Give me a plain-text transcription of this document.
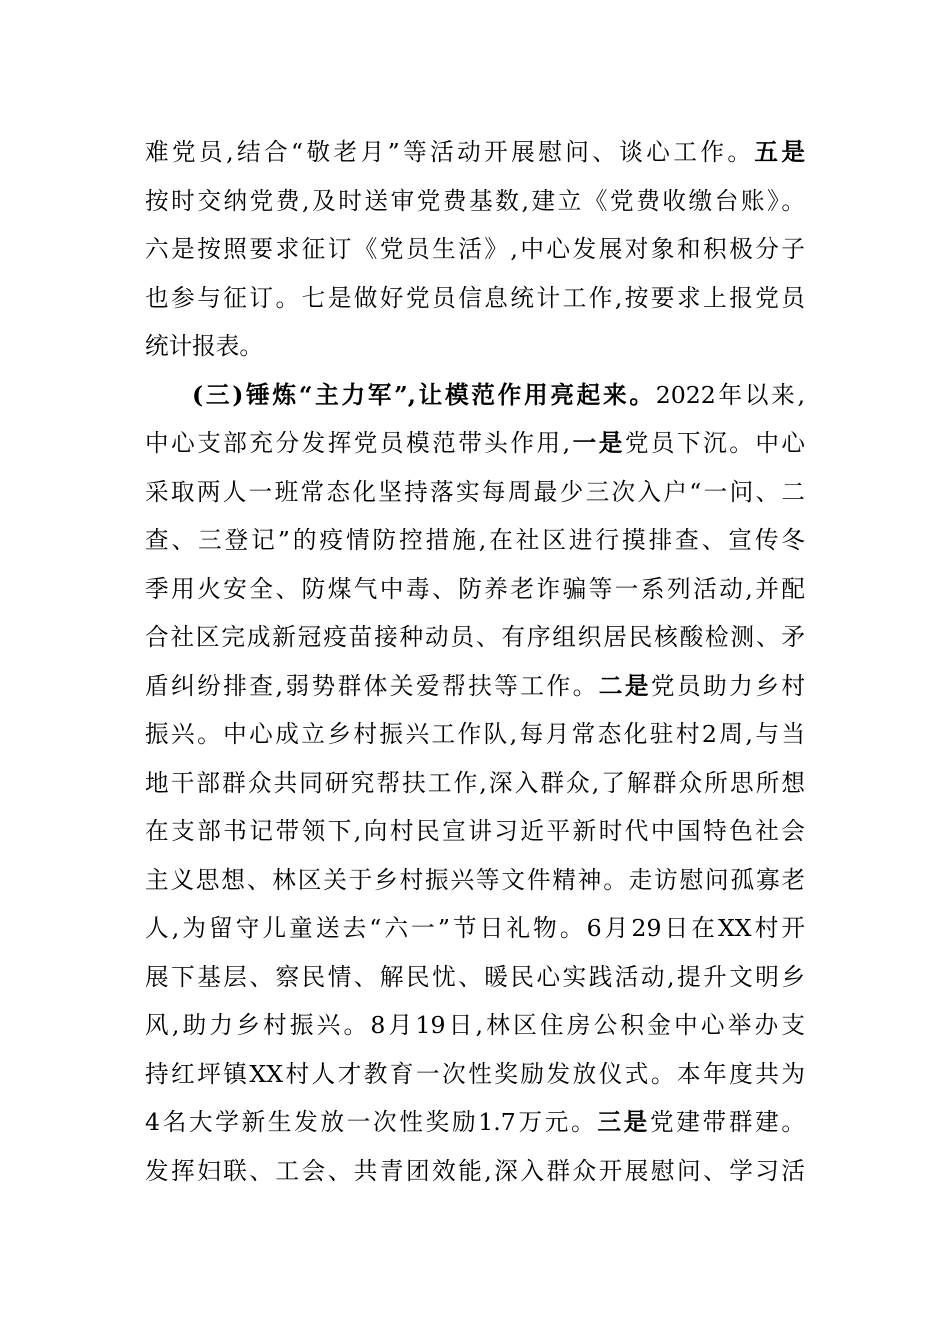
难党员,结合“敬老月”等活动开展慰问、谈心工作。五是
按时交纳党费,及时送审党费基数,建立《党费收缴台账》。
六是按照要求征订《党员生活》,中心发展对象和积极分子
也参与征订。七是做好党员信息统计工作,按要求上报党员
统计报表。
(三)锤炼“主力军”,让模范作用亮起来。2022年以来,
中心支部充分发挥党员模范带头作用,一是党员下沉。中心
采取两人一班常态化坚持落实每周最少三次入户“一问、二
查、三登记”的疫情防控措施,在社区进行摸排查、宣传冬
季用火安全、防煤气中毒、防养老诈骗等一系列活动,并配
合社区完成新冠疫苗接种动员、有序组织居民核酸检测、矛
盾纠纷排查,弱势群体关爱帮扶等工作。二是党员助力乡村
振兴。中心成立乡村振兴工作队,每月常态化驻村2周,与当
地干部群众共同研究帮扶工作,深入群众,了解群众所思所想
在支部书记带领下,向村民宣讲习近平新时代中国特色社会
主义思想、林区关于乡村振兴等文件精神。走访慰问孤寡老
人,为留守儿童送去“六一”节日礼物。6月29日在XX村开
展下基层、察民情、解民忧、暖民心实践活动,提升文明乡
风,助力乡村振兴。8月19日,林区住房公积金中心举办支
持红坪镇XX村人才教育一次性奖励发放仪式。本年度共为
4名大学新生发放一次性奖励1.7万元。三是党建带群建。
发挥妇联、工会、共青团效能,深入群众开展慰问、学习活
